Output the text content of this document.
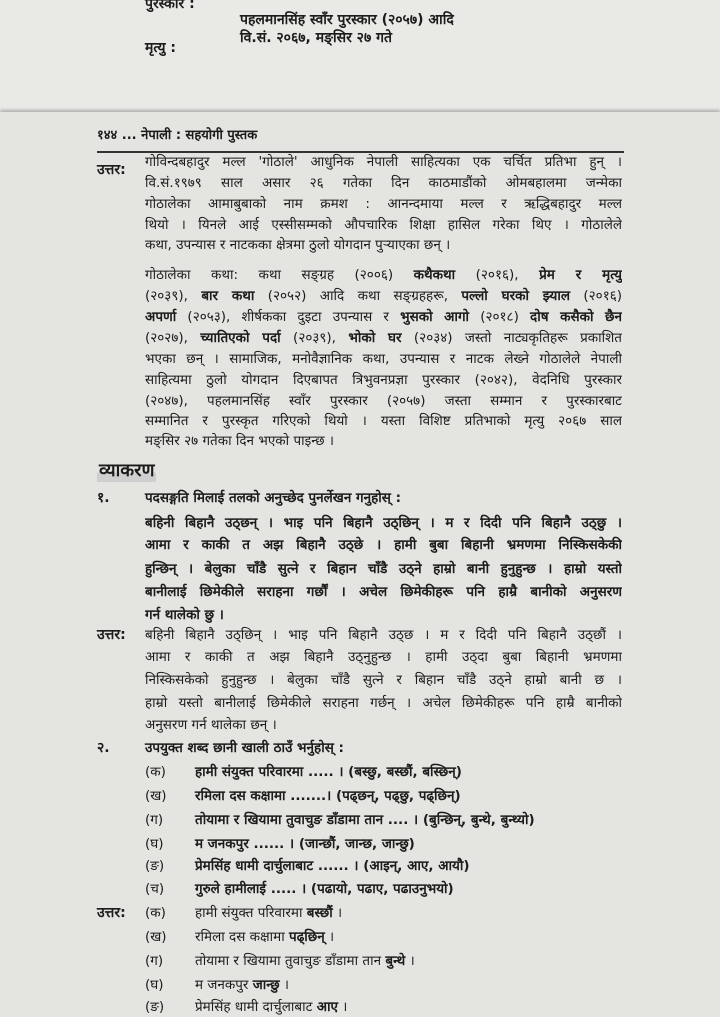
पुरस्कार :
पहलमानसिंह स्वाँर पुरस्कार (२०५७) आदि
मृत्यु :
वि.सं. २०६७, मङ्सिर २७ गते
१४४ ... नेपाली : सहयोगी पुस्तक
उत्तर: गोविन्दबहादुर मल्ल 'गोठाले' आधुनिक नेपाली साहित्यका एक चर्चित प्रतिभा हुन् ।
वि.सं.१९७९ साल असार २६ गतेका दिन काठमाडौंको ओमबहालमा जन्मेका
गोठालेका आमाबुबाको नाम क्रमश : आनन्दमाया मल्ल र ऋद्धिबहादुर मल्ल
थियो । यिनले आई एस्सीसम्मको औपचारिक शिक्षा हासिल गरेका थिए । गोठालेले
कथा, उपन्यास र नाटकका क्षेत्रमा ठुलो योगदान पुऱ्याएका छन् ।
गोठालेका कथा: कथा सङ्ग्रह (२००६) कथैकथा (२०१६), प्रेम र मृत्यु
(२०३९), बार कथा (२०५२) आदि कथा सङ्ग्रहहरू, पल्लो घरको झ्याल (२०१६)
अपर्णा (२०५३), शीर्षकका दुइटा उपन्यास र भुसको आगो (२०१८) दोष कसैको छैन
(२०२७), च्यातिएको पर्दा (२०३९), भोको घर (२०३४) जस्तो नाट्यकृतिहरू प्रकाशित
भएका छन् । सामाजिक, मनोवैज्ञानिक कथा, उपन्यास र नाटक लेख्ने गोठालेले नेपाली
साहित्यमा ठुलो योगदान दिएबापत त्रिभुवनप्रज्ञा पुरस्कार (२०४२), वेदनिधि पुरस्कार
(२०४७), पहलमानसिंह स्वाँर पुरस्कार (२०५७) जस्ता सम्मान र पुरस्कारबाट
सम्मानित र पुरस्कृत गरिएको थियो । यस्ता विशिष्ट प्रतिभाको मृत्यु २०६७ साल
मङ्सिर २७ गतेका दिन भएको पाइन्छ ।
व्याकरण
१.	पदसङ्गति मिलाई तलको अनुच्छेद पुनर्लेखन गनुहोस् :
बहिनी बिहानै उठ्छन् । भाइ पनि बिहानै उठ्छिन् । म र दिदी पनि बिहानै उठ्छु ।
आमा र काकी त अझ बिहानै उठ्छे । हामी बुबा बिहानी भ्रमणमा निस्किसकेकी
हुन्छिन् । बेलुका चाँडै सुत्ने र बिहान चाँडै उठ्ने हाम्रो बानी हुनुहुन्छ । हाम्रो यस्तो
बानीलाई छिमेकीले सराहना गर्छौं । अचेल छिमेकीहरू पनि हाम्रै बानीको अनुसरण
गर्न थालेको छु ।
उत्तर: बहिनी बिहानै उठ्छिन् । भाइ पनि बिहानै उठ्छ । म र दिदी पनि बिहानै उठ्छौं ।
आमा र काकी त अझ बिहानै उठ्नुहुन्छ । हामी उठ्दा बुबा बिहानी भ्रमणमा
निस्किसकेको हुनुहुन्छ । बेलुका चाँडै सुत्ने र बिहान चाँडै उठ्ने हाम्रो बानी छ ।
हाम्रो यस्तो बानीलाई छिमेकीले सराहना गर्छन् । अचेल छिमेकीहरू पनि हाम्रै बानीको
अनुसरण गर्न थालेका छन् ।
२.	उपयुक्त शब्द छानी खाली ठाउँ भर्नुहोस् :
(क) हामी संयुक्त परिवारमा ..... । (बस्छु, बस्छौं, बस्छिन्)
(ख) रमिला दस कक्षामा .......। (पढ्छन्, पढ्छु, पढ्छिन्)
(ग) तोयामा र खियामा तुवाचुङ डाँडामा तान .... । (बुन्छिन्, बुन्थे, बुन्थ्यो)
(घ) म जनकपुर ...... । (जान्छौं, जान्छ, जान्छु)
(ङ) प्रेमसिंह धामी दार्चुलाबाट ...... । (आइन्, आए, आयौ)
(च) गुरुले हामीलाई ..... । (पढायो, पढाए, पढाउनुभयो)
उत्तर: (क) हामी संयुक्त परिवारमा बस्छौं ।
(ख) रमिला दस कक्षामा पढ्छिन् ।
(ग) तोयामा र खियामा तुवाचुङ डाँडामा तान बुन्थे ।
(घ) म जनकपुर जान्छु ।
(ङ) प्रेमसिंह धामी दार्चुलाबाट आए ।
